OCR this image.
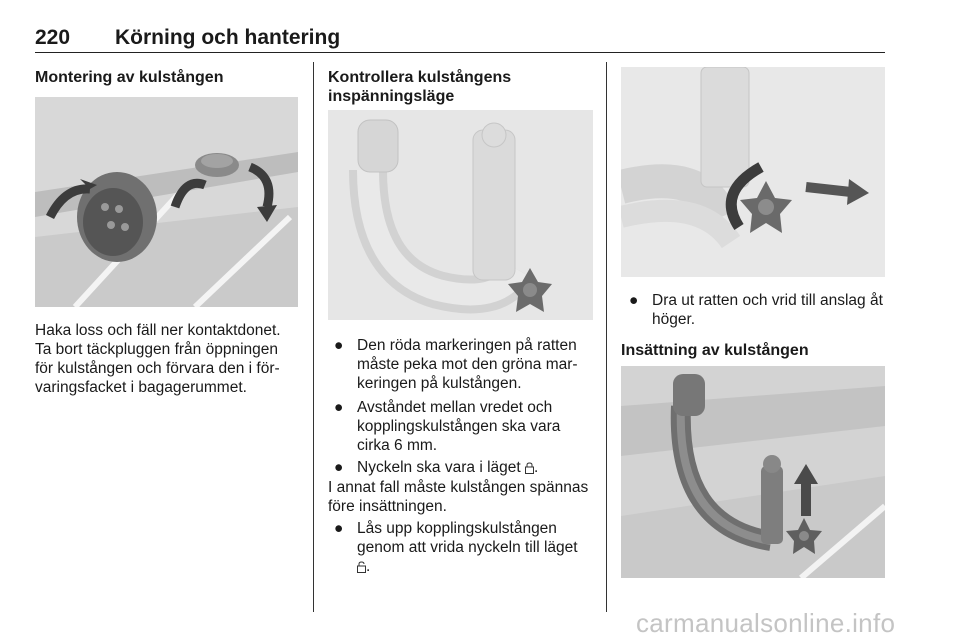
220 Körning och hantering
Montering av kulstången
Haka loss och fäll ner kontaktdonet.
Ta bort täckpluggen från öppningen
för kulstången och förvara den i för-
varingsfacket i bagagerummet.
Kontrollera kulstångens
inspänningsläge
● Den röda markeringen på ratten
måste peka mot den gröna mar-
keringen på kulstången.
● Avståndet mellan vredet och
kopplingskulstången ska vara
cirka 6 mm.
● Nyckeln ska vara i läget .
I annat fall måste kulstången spännas
före insättningen.
● Lås upp kopplingskulstången
genom att vrida nyckeln till läget
.
● Dra ut ratten och vrid till anslag åt
höger.
Insättning av kulstången
carmanualsonline.info
